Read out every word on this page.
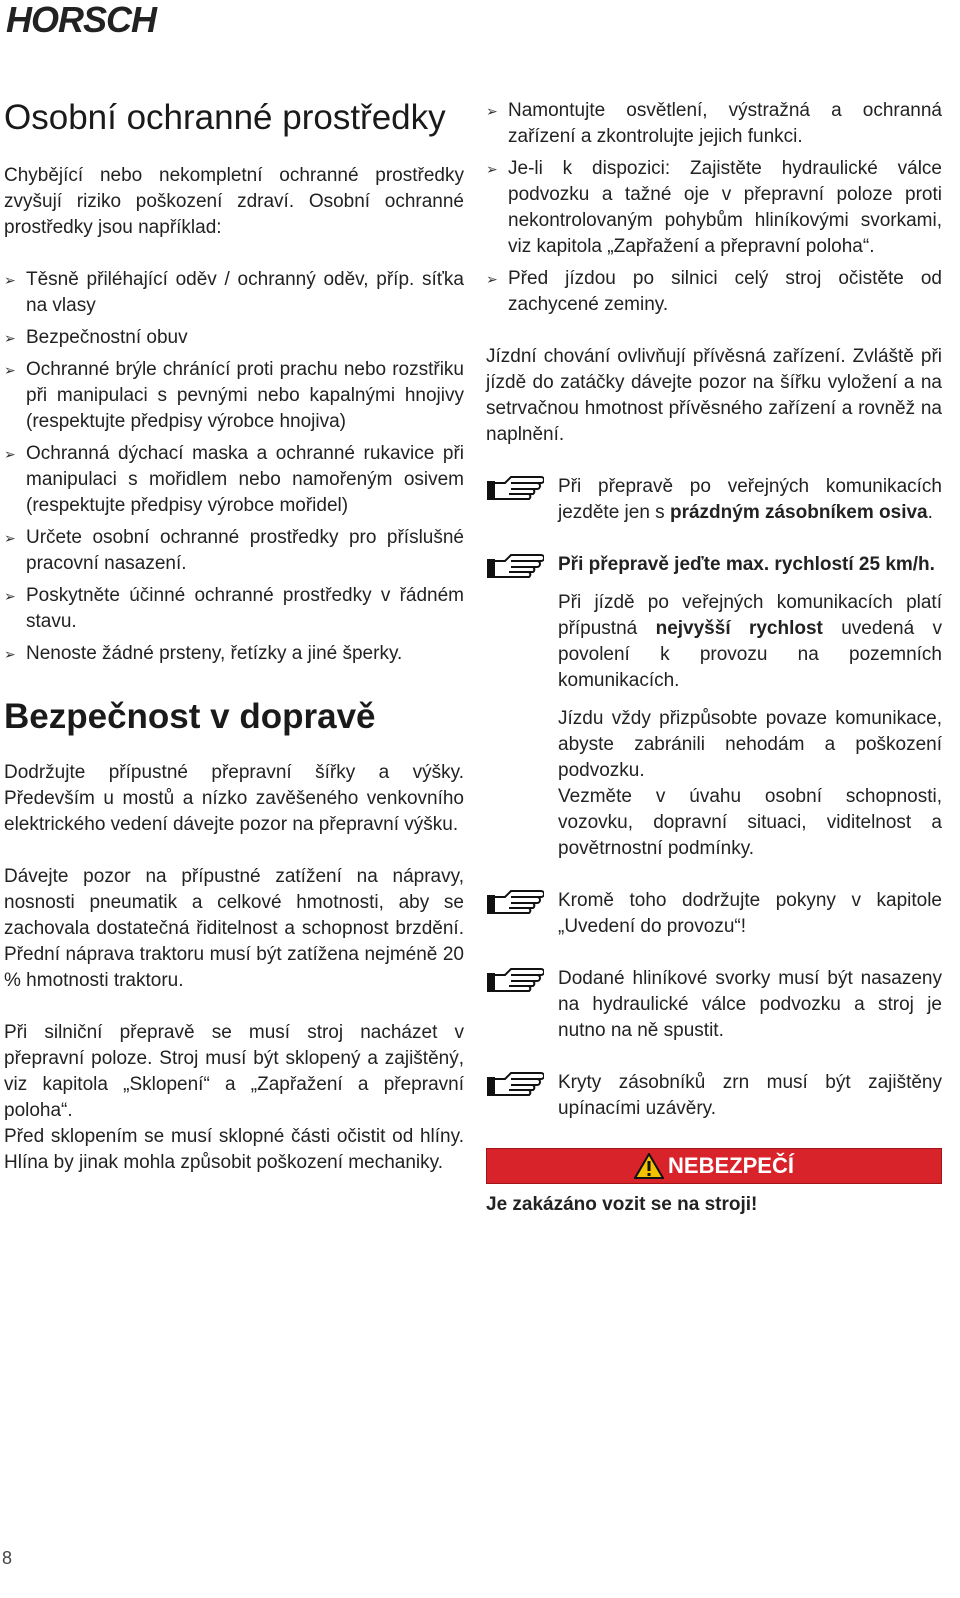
HORSCH
Osobní ochranné prostředky

Chybějící nebo nekompletní ochranné prostředky zvyšují riziko poškození zdraví. Osobní ochranné prostředky jsou například:

➢ Těsně přiléhající oděv / ochranný oděv, příp. síťka na vlasy
➢ Bezpečnostní obuv
➢ Ochranné brýle chránící proti prachu nebo rozstřiku při manipulaci s pevnými nebo kapalnými hnojivy (respektujte předpisy výrobce hnojiva)
➢ Ochranná dýchací maska a ochranné rukavice při manipulaci s mořidlem nebo namořeným osivem (respektujte předpisy výrobce mořidel)
➢ Určete osobní ochranné prostředky pro příslušné pracovní nasazení.
➢ Poskytněte účinné ochranné prostředky v řádném stavu.
➢ Nenoste žádné prsteny, řetízky a jiné šperky.
Bezpečnost v dopravě

Dodržujte přípustné přepravní šířky a výšky. Především u mostů a nízko zavěšeného venkovního elektrického vedení dávejte pozor na přepravní výšku.

Dávejte pozor na přípustné zatížení na nápravy, nosnosti pneumatik a celkové hmotnosti, aby se zachovala dostatečná řiditelnost a schopnost brzdění. Přední náprava traktoru musí být zatížena nejméně 20 % hmotnosti traktoru.

Při silniční přepravě se musí stroj nacházet v přepravní poloze. Stroj musí být sklopený a zajištěný, viz kapitola „Sklopení“ a „Zapřažení a přepravní poloha“.

Před sklopením se musí sklopné části očistit od hlíny. Hlína by jinak mohla způsobit poškození mechaniky.

➢ Namontujte osvětlení, výstražná a ochranná zařízení a zkontrolujte jejich funkci.
➢ Je-li k dispozici: Zajistěte hydraulické válce podvozku a tažné oje v přepravní poloze proti nekontrolovaným pohybům hliníkovými svorkami, viz kapitola „Zapřažení a přepravní poloha“.
➢ Před jízdou po silnici celý stroj očistěte od zachycené zeminy.

Jízdní chování ovlivňují přívěsná zařízení. Zvláště při jízdě do zatáčky dávejte pozor na šířku vyložení a na setrvačnou hmotnost přívěsného zařízení a rovněž na naplnění.

Při přepravě po veřejných komunikacích jezděte jen s prázdným zásobníkem osiva.

Při přepravě jeďte max. rychlostí 25 km/h.

Při jízdě po veřejných komunikacích platí přípustná nejvyšší rychlost uvedená v povolení k provozu na pozemních komunikacích.

Jízdu vždy přizpůsobte povaze komunikace, abyste zabránili nehodám a poškození podvozku.

Vezměte v úvahu osobní schopnosti, vozovku, dopravní situaci, viditelnost a povětrnostní podmínky.

Kromě toho dodržujte pokyny v kapitole „Uvedení do provozu“!

Dodané hliníkové svorky musí být nasazeny na hydraulické válce podvozku a stroj je nutno na ně spustit.

Kryty zásobníků zrn musí být zajištěny upínacími uzávěry.

NEBEZPEČÍ
Je zakázáno vozit se na stroji!
8
